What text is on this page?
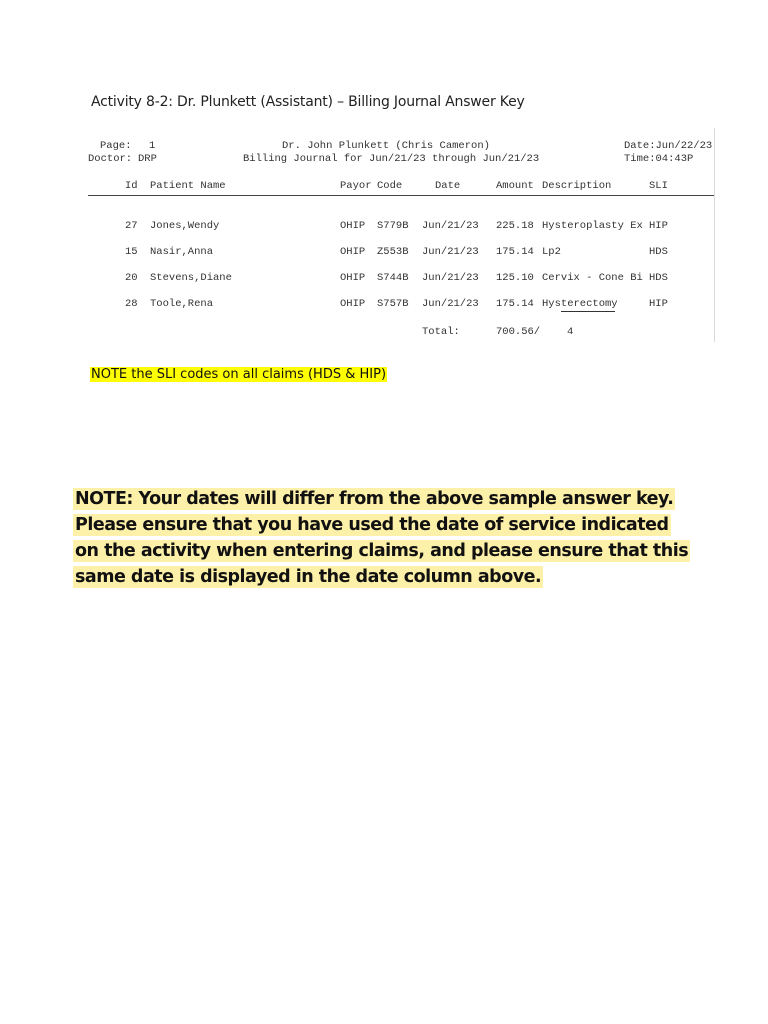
Activity 8-2: Dr. Plunkett (Assistant) – Billing Journal Answer Key
Page: 1
Doctor: DRP
Dr. John Plunkett (Chris Cameron)
Billing Journal for Jun/21/23 through Jun/21/23
Date:Jun/22/23
Time:04:43P
Id Patient Name	Payor Code	Date	Amount Description	SLI
27 Jones,Wendy	OHIP S779B Jun/21/23 225.18 Hysteroplasty Ex HIP
15 Nasir,Anna	OHIP Z553B Jun/21/23 175.14 Lp2	HDS
20 Stevens,Diane	OHIP S744B Jun/21/23 125.10 Cervix - Cone Bi HDS
28 Toole,Rena	OHIP S757B Jun/21/23 175.14 Hysterectomy	HIP
Total:	700.56/	4
NOTE the SLI codes on all claims (HDS & HIP)
NOTE: Your dates will differ from the above sample answer key. Please ensure that you have used the date of service indicated on the activity when entering claims, and please ensure that this same date is displayed in the date column above.
